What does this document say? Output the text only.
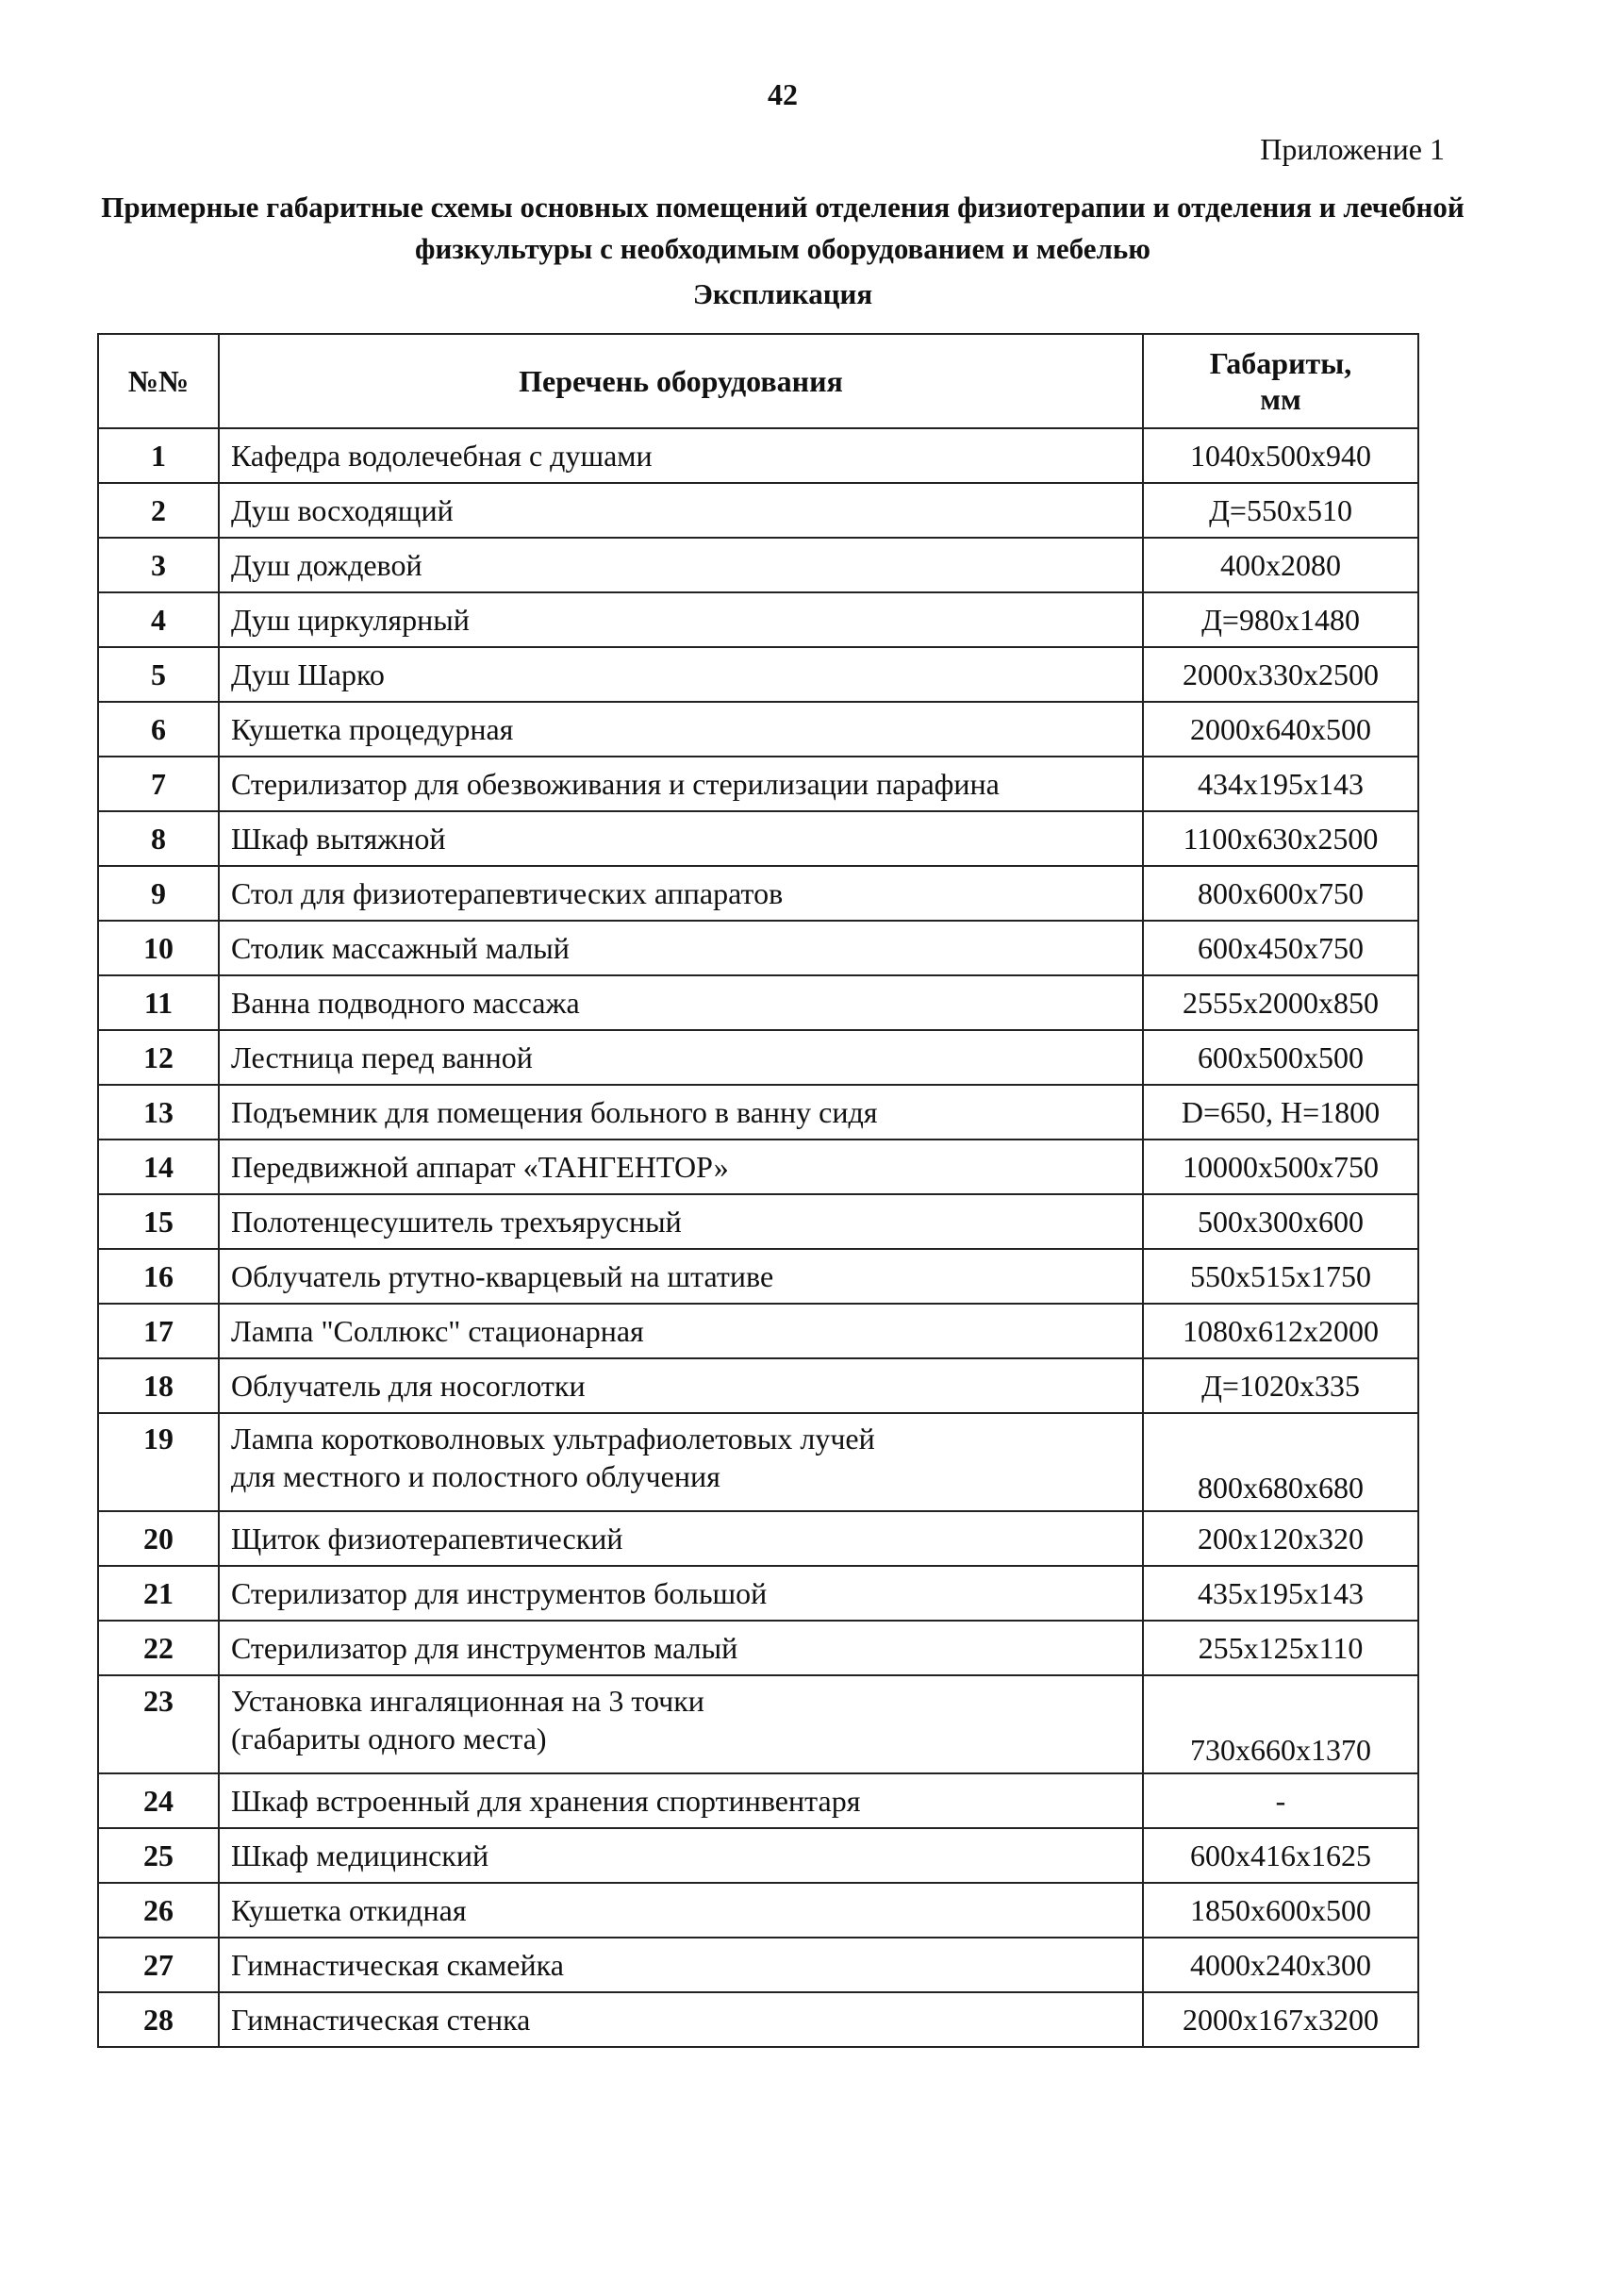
42
Приложение 1
Примерные габаритные схемы основных помещений отделения физиотерапии и отделения и лечебной физкультуры с необходимым оборудованием и мебелью
Экспликация
№№	Перечень оборудования	Габариты,
мм

1	Кафедра водолечебная с душами	1040x500x940
2	Душ восходящий	Д=550x510
3	Душ дождевой	400x2080
4	Душ циркулярный	Д=980x1480
5	Душ Шарко	2000x330x2500
6	Кушетка процедурная	2000x640x500
7	Стерилизатор для обезвоживания и стерилизации парафина	434x195x143
8	Шкаф вытяжной	1100x630x2500
9	Стол для физиотерапевтических аппаратов	800x600x750
10	Столик массажный малый	600x450x750
11	Ванна подводного массажа	2555x2000x850
12	Лестница перед ванной	600x500x500
13	Подъемник для помещения больного в ванну сидя	D=650, H=1800
14	Передвижной аппарат «ТАНГЕНТОР»	10000x500x750
15	Полотенцесушитель трехъярусный	500x300x600
16	Облучатель ртутно-кварцевый на штативе	550x515x1750
17	Лампа "Соллюкс" стационарная	1080x612x2000
18	Облучатель для носоглотки	Д=1020x335
19	Лампа коротковолновых ультрафиолетовых лучей
для местного и полостного облучения	800x680x680
20	Щиток физиотерапевтический	200x120x320
21	Стерилизатор для инструментов большой	435x195x143
22	Стерилизатор для инструментов малый	255x125x110
23	Установка ингаляционная на 3 точки
(габариты одного места)	730x660x1370
24	Шкаф встроенный для хранения спортинвентаря	-
25	Шкаф медицинский	600x416x1625
26	Кушетка откидная	1850x600x500
27	Гимнастическая скамейка	4000x240x300
28	Гимнастическая стенка	2000x167x3200
